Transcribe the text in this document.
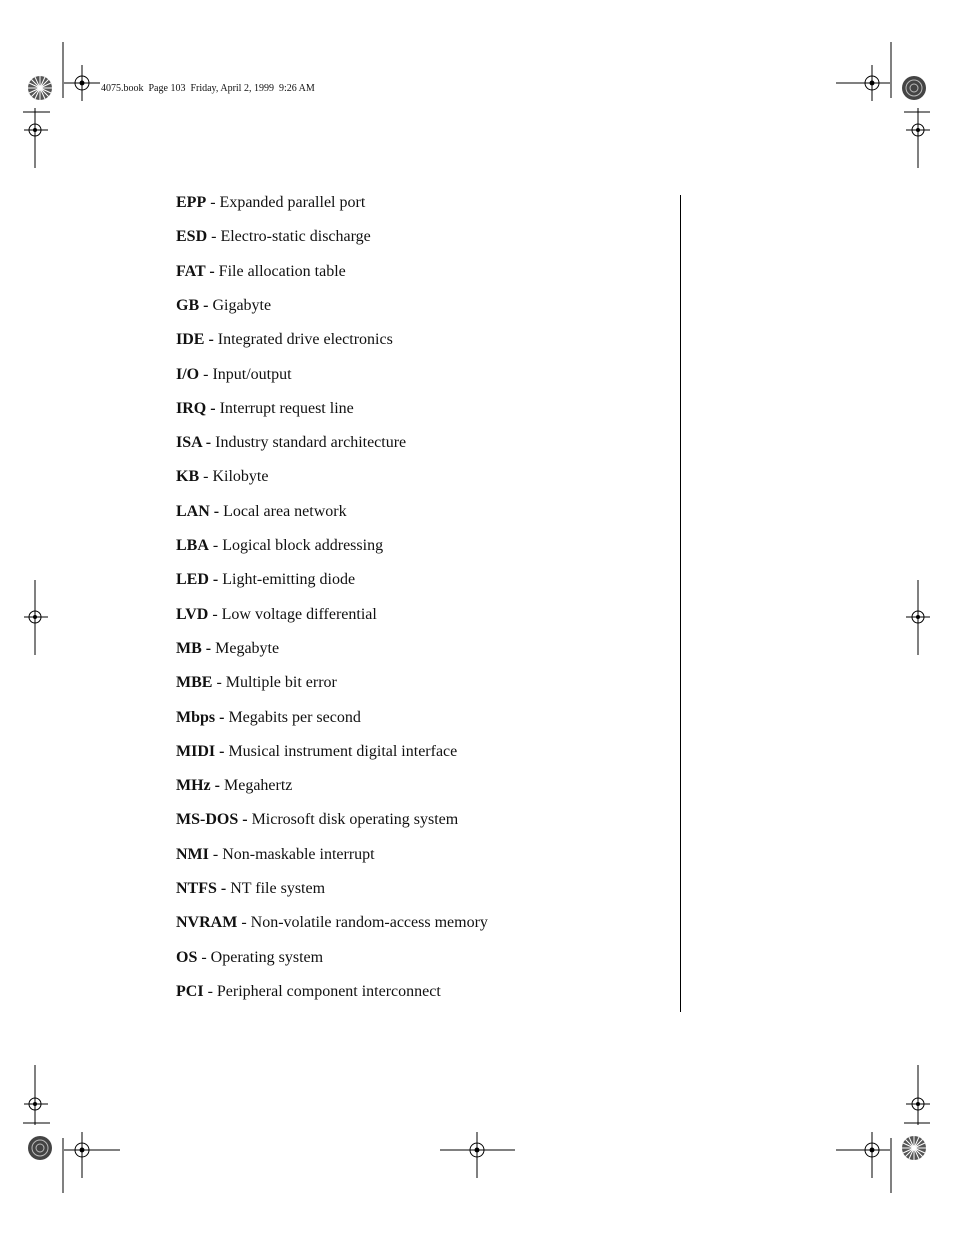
4075.book  Page 103  Friday, April 2, 1999  9:26 AM
EPP - Expanded parallel port
ESD - Electro-static discharge
FAT - File allocation table
GB - Gigabyte
IDE - Integrated drive electronics
I/O - Input/output
IRQ - Interrupt request line
ISA - Industry standard architecture
KB - Kilobyte
LAN - Local area network
LBA - Logical block addressing
LED - Light-emitting diode
LVD - Low voltage differential
MB - Megabyte
MBE - Multiple bit error
Mbps - Megabits per second
MIDI - Musical instrument digital interface
MHz - Megahertz
MS-DOS - Microsoft disk operating system
NMI - Non-maskable interrupt
NTFS - NT file system
NVRAM - Non-volatile random-access memory
OS - Operating system
PCI - Peripheral component interconnect
